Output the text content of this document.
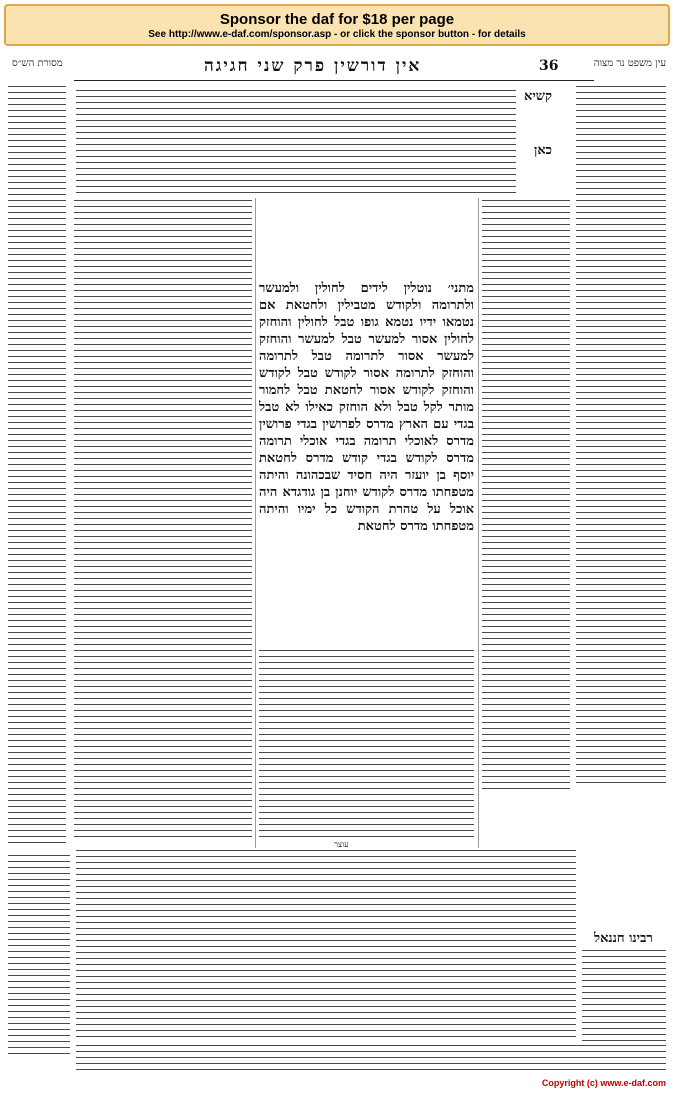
Sponsor the daf for $18 per page
See http://www.e-daf.com/sponsor.asp - or click the sponsor button - for details
עין משפט נר מצוה
36
אין דורשין פרק שני חגיגה
מסורת הש״ס
קשיא
כאן
מתני׳ נוטלין לידים לחולין ולמעשר ולתרומה ולקודש מטבילין ולחטאת אם נטמאו ידיו נטמא גופו טבל לחולין והוחזק לחולין אסור למעשר טבל למעשר והוחזק למעשר אסור לתרומה טבל לתרומה והוחזק לתרומה אסור לקודש טבל לקודש והוחזק לקודש אסור לחטאת טבל לחמור מותר לקל טבל ולא הוחזק כאילו לא טבל בגדי עם הארץ מדרס לפרושין בגדי פרושין מדרס לאוכלי תרומה בגדי אוכלי תרומה מדרס לקודש בגדי קודש מדרס לחטאת יוסף בן יועזר היה חסיד שבכהונה והיתה מטפחתו מדרס לקודש יוחנן בן גודגדא היה אוכל על טהרת הקודש כל ימיו והיתה מטפחתו מדרס לחטאת
רבינו חננאל
עוצר
Copyright (c) www.e-daf.com
